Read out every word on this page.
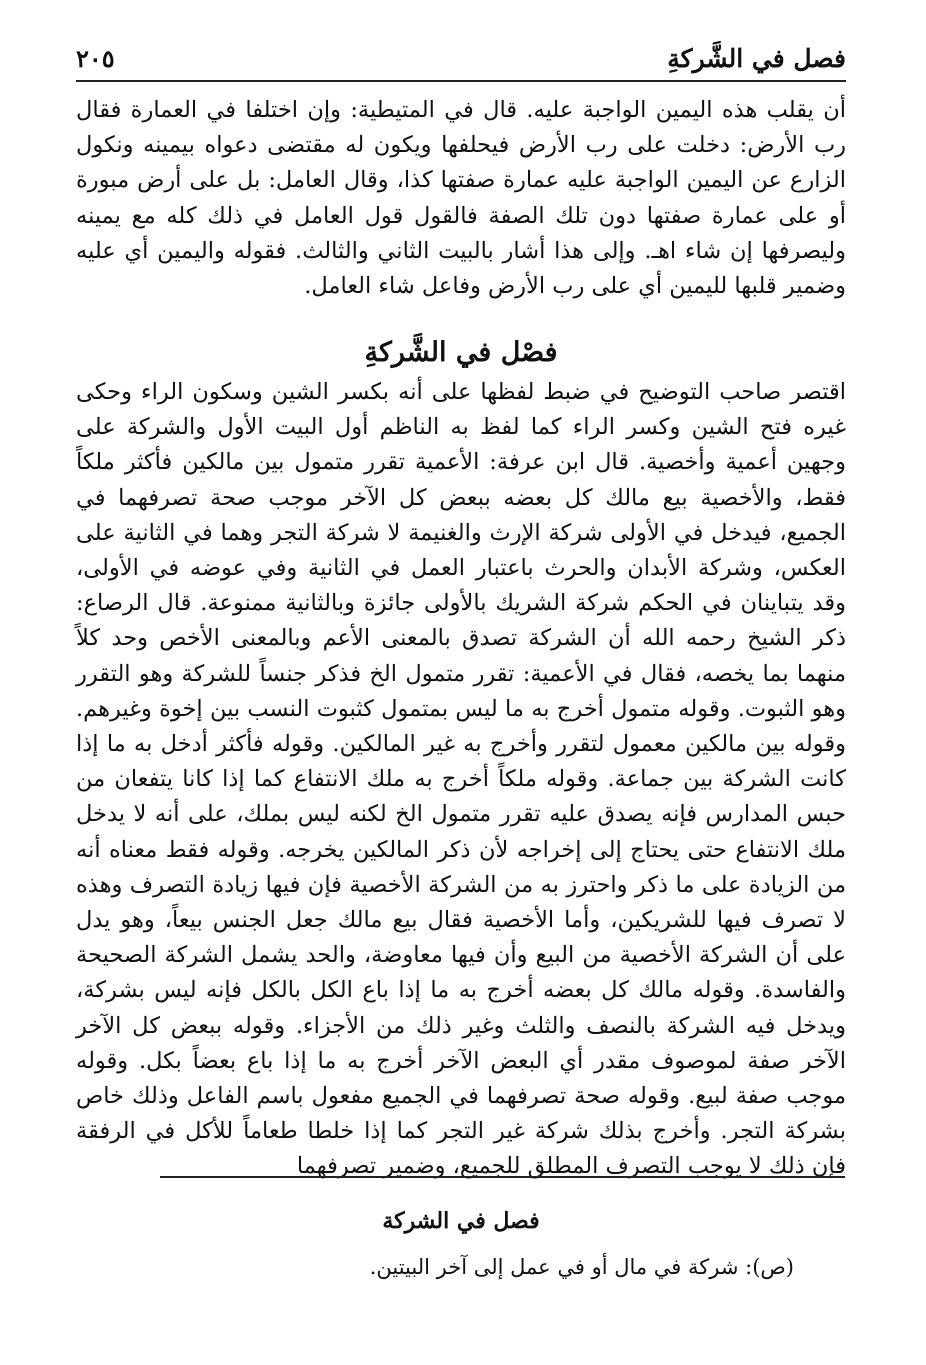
فصل في الشَّركةِ
٢٠٥
أن يقلب هذه اليمين الواجبة عليه. قال في المتيطية: وإن اختلفا في العمارة فقال رب الأرض: دخلت على رب الأرض فيحلفها ويكون له مقتضى دعواه بيمينه ونكول الزارع عن اليمين الواجبة عليه عمارة صفتها كذا، وقال العامل: بل على أرض مبورة أو على عمارة صفتها دون تلك الصفة فالقول قول العامل في ذلك كله مع يمينه وليصرفها إن شاء اهـ. وإلى هذا أشار بالبيت الثاني والثالث. فقوله واليمين أي عليه وضمير قلبها لليمين أي على رب الأرض وفاعل شاء العامل.
فصْل في الشَّركةِ
اقتصر صاحب التوضيح في ضبط لفظها على أنه بكسر الشين وسكون الراء وحكى غيره فتح الشين وكسر الراء كما لفظ به الناظم أول البيت الأول والشركة على وجهين أعمية وأخصية. قال ابن عرفة: الأعمية تقرر متمول بين مالكين فأكثر ملكاً فقط، والأخصية بيع مالك كل بعضه ببعض كل الآخر موجب صحة تصرفهما في الجميع، فيدخل في الأولى شركة الإرث والغنيمة لا شركة التجر وهما في الثانية على العكس، وشركة الأبدان والحرث باعتبار العمل في الثانية وفي عوضه في الأولى، وقد يتباينان في الحكم شركة الشريك بالأولى جائزة وبالثانية ممنوعة. قال الرصاع: ذكر الشيخ رحمه الله أن الشركة تصدق بالمعنى الأعم وبالمعنى الأخص وحد كلاً منهما بما يخصه، فقال في الأعمية: تقرر متمول الخ فذكر جنساً للشركة وهو التقرر وهو الثبوت. وقوله متمول أخرج به ما ليس بمتمول كثبوت النسب بين إخوة وغيرهم. وقوله بين مالكين معمول لتقرر وأخرج به غير المالكين. وقوله فأكثر أدخل به ما إذا كانت الشركة بين جماعة. وقوله ملكاً أخرج به ملك الانتفاع كما إذا كانا يتفعان من حبس المدارس فإنه يصدق عليه تقرر متمول الخ لكنه ليس بملك، على أنه لا يدخل ملك الانتفاع حتى يحتاج إلى إخراجه لأن ذكر المالكين يخرجه. وقوله فقط معناه أنه من الزيادة على ما ذكر واحترز به من الشركة الأخصية فإن فيها زيادة التصرف وهذه لا تصرف فيها للشريكين، وأما الأخصية فقال بيع مالك جعل الجنس بيعاً، وهو يدل على أن الشركة الأخصية من البيع وأن فيها معاوضة، والحد يشمل الشركة الصحيحة والفاسدة. وقوله مالك كل بعضه أخرج به ما إذا باع الكل بالكل فإنه ليس بشركة، ويدخل فيه الشركة بالنصف والثلث وغير ذلك من الأجزاء. وقوله ببعض كل الآخر الآخر صفة لموصوف مقدر أي البعض الآخر أخرج به ما إذا باع بعضاً بكل. وقوله موجب صفة لبيع. وقوله صحة تصرفهما في الجميع مفعول باسم الفاعل وذلك خاص بشركة التجر. وأخرج بذلك شركة غير التجر كما إذا خلطا طعاماً للأكل في الرفقة فإن ذلك لا يوجب التصرف المطلق للجميع، وضمير تصرفهما
فصل في الشركة
(ص): شركة في مال أو في عمل إلى آخر البيتين.
